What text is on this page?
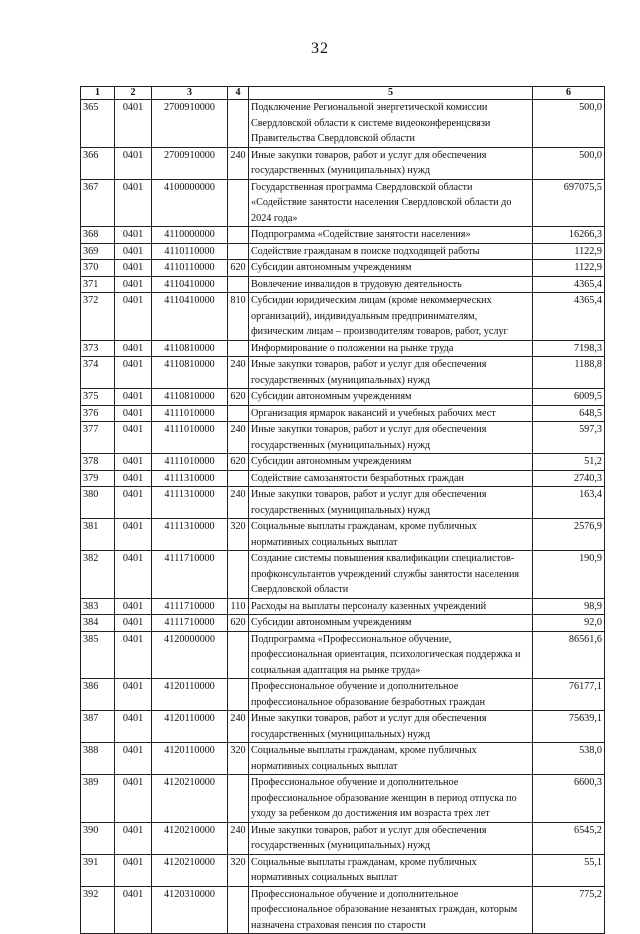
32
1	2	3	4	5	6
365	0401	2700910000		Подключение Региональной энергетической комиссии Свердловской области к системе видеоконференцсвязи Правительства Свердловской области	500,0
366	0401	2700910000	240	Иные закупки товаров, работ и услуг для обеспечения государственных (муниципальных) нужд	500,0
367	0401	4100000000		Государственная программа Свердловской области «Содействие занятости населения Свердловской области до 2024 года»	697075,5
368	0401	4110000000		Подпрограмма «Содействие занятости населения»	16266,3
369	0401	4110110000		Содействие гражданам в поиске подходящей работы	1122,9
370	0401	4110110000	620	Субсидии автономным учреждениям	1122,9
371	0401	4110410000		Вовлечение инвалидов в трудовую деятельность	4365,4
372	0401	4110410000	810	Субсидии юридическим лицам (кроме некоммерческих организаций), индивидуальным предпринимателям, физическим лицам – производителям товаров, работ, услуг	4365,4
373	0401	4110810000		Информирование о положении на рынке труда	7198,3
374	0401	4110810000	240	Иные закупки товаров, работ и услуг для обеспечения государственных (муниципальных) нужд	1188,8
375	0401	4110810000	620	Субсидии автономным учреждениям	6009,5
376	0401	4111010000		Организация ярмарок вакансий и учебных рабочих мест	648,5
377	0401	4111010000	240	Иные закупки товаров, работ и услуг для обеспечения государственных (муниципальных) нужд	597,3
378	0401	4111010000	620	Субсидии автономным учреждениям	51,2
379	0401	4111310000		Содействие самозанятости безработных граждан	2740,3
380	0401	4111310000	240	Иные закупки товаров, работ и услуг для обеспечения государственных (муниципальных) нужд	163,4
381	0401	4111310000	320	Социальные выплаты гражданам, кроме публичных нормативных социальных выплат	2576,9
382	0401	4111710000		Создание системы повышения квалификации специалистов-профконсультантов учреждений службы занятости населения Свердловской области	190,9
383	0401	4111710000	110	Расходы на выплаты персоналу казенных учреждений	98,9
384	0401	4111710000	620	Субсидии автономным учреждениям	92,0
385	0401	4120000000		Подпрограмма «Профессиональное обучение, профессиональная ориентация, психологическая поддержка и социальная адаптация на рынке труда»	86561,6
386	0401	4120110000		Профессиональное обучение и дополнительное профессиональное образование безработных граждан	76177,1
387	0401	4120110000	240	Иные закупки товаров, работ и услуг для обеспечения государственных (муниципальных) нужд	75639,1
388	0401	4120110000	320	Социальные выплаты гражданам, кроме публичных нормативных социальных выплат	538,0
389	0401	4120210000		Профессиональное обучение и дополнительное профессиональное образование женщин в период отпуска по уходу за ребенком до достижения им возраста трех лет	6600,3
390	0401	4120210000	240	Иные закупки товаров, работ и услуг для обеспечения государственных (муниципальных) нужд	6545,2
391	0401	4120210000	320	Социальные выплаты гражданам, кроме публичных нормативных социальных выплат	55,1
392	0401	4120310000		Профессиональное обучение и дополнительное профессиональное образование незанятых граждан, которым назначена страховая пенсия по старости	775,2
